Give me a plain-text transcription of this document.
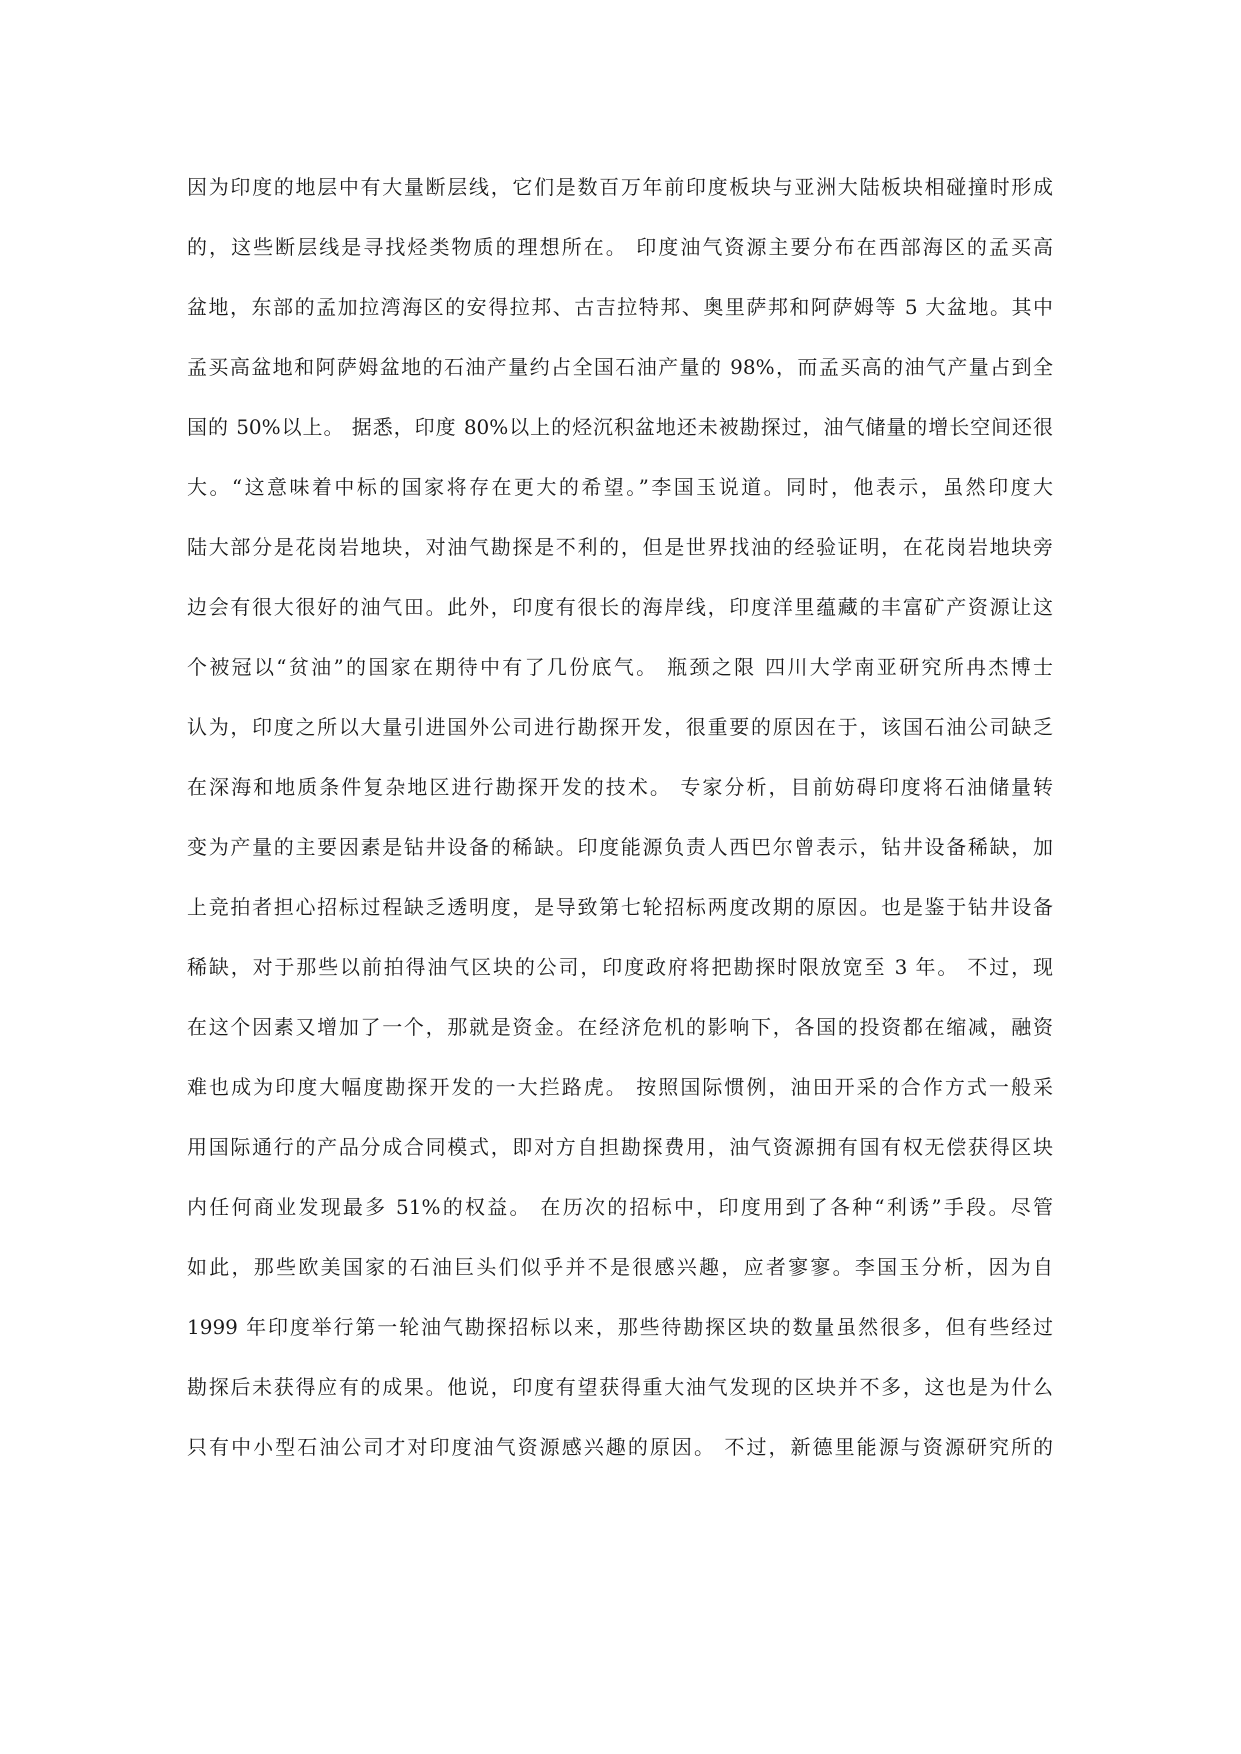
因为印度的地层中有大量断层线，它们是数百万年前印度板块与亚洲大陆板块相碰撞时形成
的，这些断层线是寻找烃类物质的理想所在。 印度油气资源主要分布在西部海区的孟买高
盆地，东部的孟加拉湾海区的安得拉邦、古吉拉特邦、奥里萨邦和阿萨姆等 5 大盆地。其中
孟买高盆地和阿萨姆盆地的石油产量约占全国石油产量的 98%，而孟买高的油气产量占到全
国的 50%以上。 据悉，印度 80%以上的烃沉积盆地还未被勘探过，油气储量的增长空间还很
大。“这意味着中标的国家将存在更大的希望。”李国玉说道。同时，他表示，虽然印度大
陆大部分是花岗岩地块，对油气勘探是不利的，但是世界找油的经验证明，在花岗岩地块旁
边会有很大很好的油气田。此外，印度有很长的海岸线，印度洋里蕴藏的丰富矿产资源让这
个被冠以“贫油”的国家在期待中有了几份底气。 瓶颈之限 四川大学南亚研究所冉杰博士
认为，印度之所以大量引进国外公司进行勘探开发，很重要的原因在于，该国石油公司缺乏
在深海和地质条件复杂地区进行勘探开发的技术。 专家分析，目前妨碍印度将石油储量转
变为产量的主要因素是钻井设备的稀缺。印度能源负责人西巴尔曾表示，钻井设备稀缺，加
上竞拍者担心招标过程缺乏透明度，是导致第七轮招标两度改期的原因。也是鉴于钻井设备
稀缺，对于那些以前拍得油气区块的公司，印度政府将把勘探时限放宽至 3 年。 不过，现
在这个因素又增加了一个，那就是资金。在经济危机的影响下，各国的投资都在缩减，融资
难也成为印度大幅度勘探开发的一大拦路虎。 按照国际惯例，油田开采的合作方式一般采
用国际通行的产品分成合同模式，即对方自担勘探费用，油气资源拥有国有权无偿获得区块
内任何商业发现最多 51%的权益。 在历次的招标中，印度用到了各种“利诱”手段。尽管
如此，那些欧美国家的石油巨头们似乎并不是很感兴趣，应者寥寥。李国玉分析，因为自
1999 年印度举行第一轮油气勘探招标以来，那些待勘探区块的数量虽然很多，但有些经过
勘探后未获得应有的成果。他说，印度有望获得重大油气发现的区块并不多，这也是为什么
只有中小型石油公司才对印度油气资源感兴趣的原因。 不过，新德里能源与资源研究所的
